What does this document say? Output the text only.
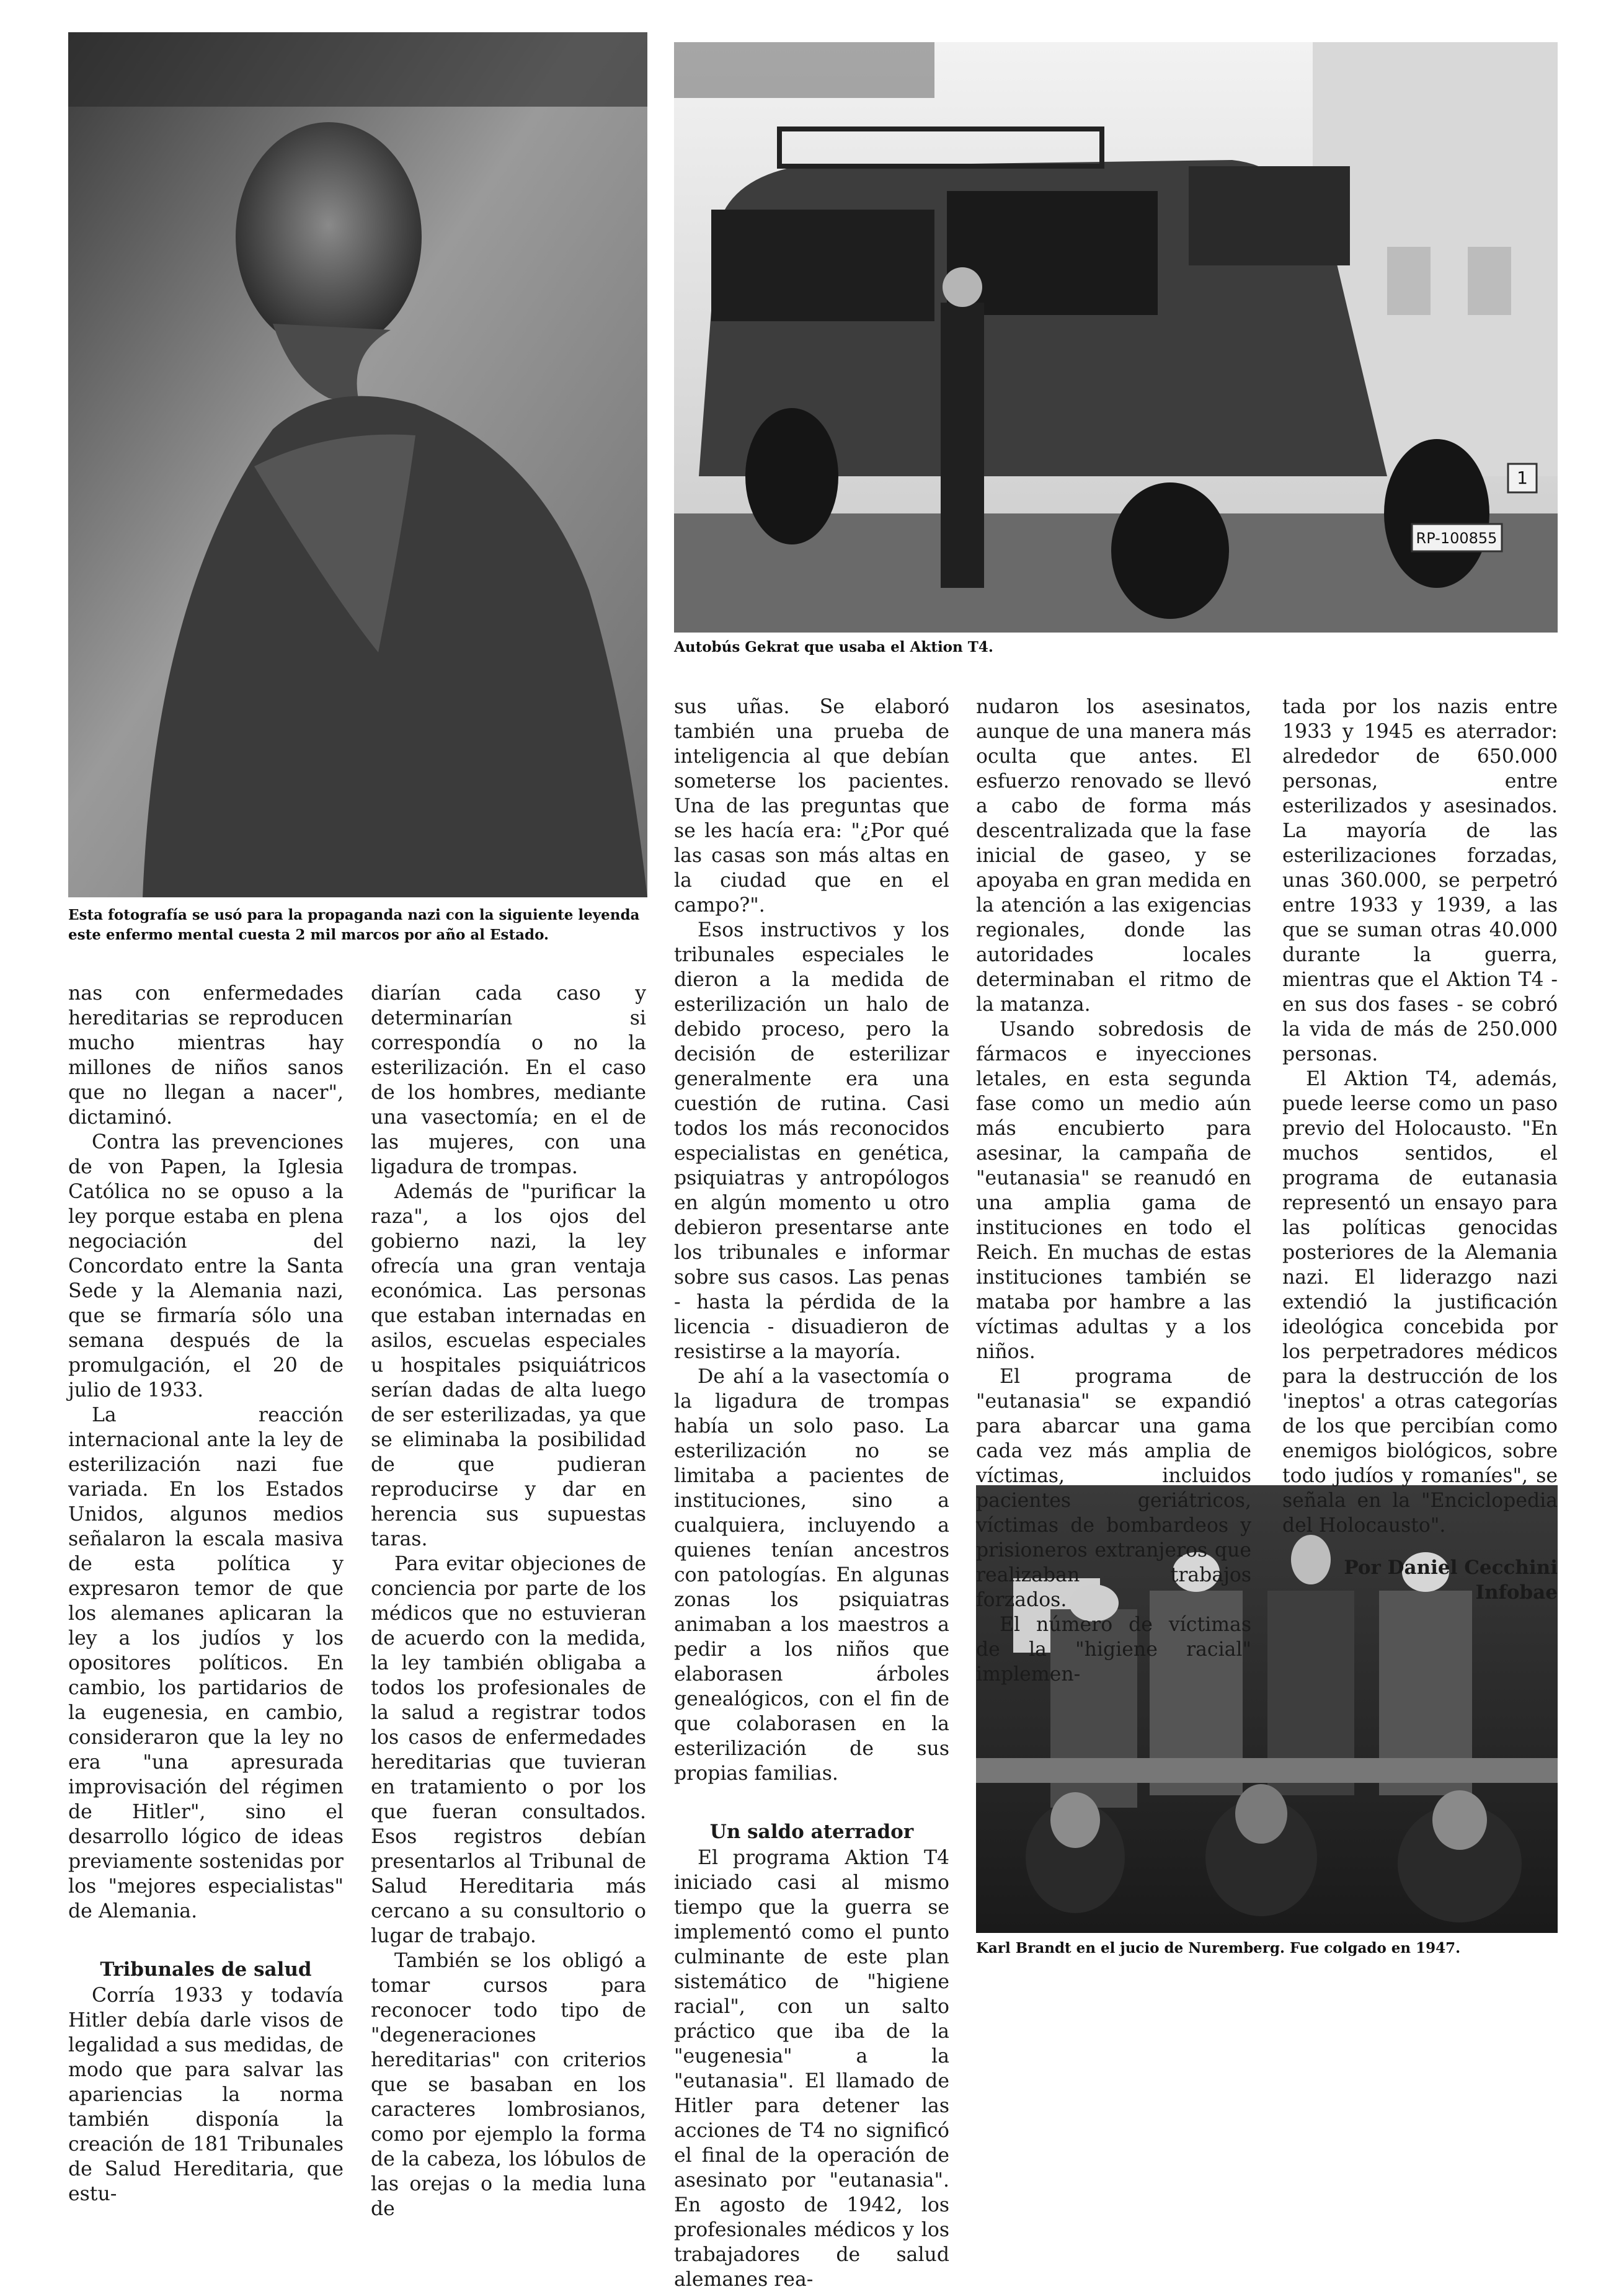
Esta fotografía se usó para la propaganda nazi con la siguiente leyenda este enfermo mental cuesta 2 mil marcos por año al Estado.

RP-100855
1

Autobús Gekrat que usaba el Aktion T4.

Karl Brandt en el jucio de Nuremberg. Fue colgado en 1947.

nas con enfermedades hereditarias se reproducen mucho mientras hay millones de niños sanos que no llegan a nacer", dictaminó.

Contra las prevenciones de von Papen, la Iglesia Católica no se opuso a la ley porque estaba en plena negociación del Concordato entre la Santa Sede y la Alemania nazi, que se firmaría sólo una semana después de la promulgación, el 20 de julio de 1933.

La reacción internacional ante la ley de esterilización nazi fue variada. En los Estados Unidos, algunos medios señalaron la escala masiva de esta política y expresaron temor de que los alemanes aplicaran la ley a los judíos y los opositores políticos. En cambio, los partidarios de la eugenesia, en cambio, consideraron que la ley no era "una apresurada improvisación del régimen de Hitler", sino el desarrollo lógico de ideas previamente sostenidas por los "mejores especialistas" de Alemania.

Tribunales de salud

Corría 1933 y todavía Hitler debía darle visos de legalidad a sus medidas, de modo que para salvar las apariencias la norma también disponía la creación de 181 Tribunales de Salud Hereditaria, que estu-

diarían cada caso y determinarían si correspondía o no la esterilización. En el caso de los hombres, mediante una vasectomía; en el de las mujeres, con una ligadura de trompas.

Además de "purificar la raza", a los ojos del gobierno nazi, la ley ofrecía una gran ventaja económica. Las personas que estaban internadas en asilos, escuelas especiales u hospitales psiquiátricos serían dadas de alta luego de ser esterilizadas, ya que se eliminaba la posibilidad de que pudieran reproducirse y dar en herencia sus supuestas taras.

Para evitar objeciones de conciencia por parte de los médicos que no estuvieran de acuerdo con la medida, la ley también obligaba a todos los profesionales de la salud a registrar todos los casos de enfermedades hereditarias que tuvieran en tratamiento o por los que fueran consultados. Esos registros debían presentarlos al Tribunal de Salud Hereditaria más cercano a su consultorio o lugar de trabajo.

También se los obligó a tomar cursos para reconocer todo tipo de "degeneraciones hereditarias" con criterios que se basaban en los caracteres lombrosianos, como por ejemplo la forma de la cabeza, los lóbulos de las orejas o la media luna de

sus uñas. Se elaboró también una prueba de inteligencia al que debían someterse los pacientes. Una de las preguntas que se les hacía era: "¿Por qué las casas son más altas en la ciudad que en el campo?".

Esos instructivos y los tribunales especiales le dieron a la medida de esterilización un halo de debido proceso, pero la decisión de esterilizar generalmente era una cuestión de rutina. Casi todos los más reconocidos especialistas en genética, psiquiatras y antropólogos en algún momento u otro debieron presentarse ante los tribunales e informar sobre sus casos. Las penas - hasta la pérdida de la licencia - disuadieron de resistirse a la mayoría.

De ahí a la vasectomía o la ligadura de trompas había un solo paso. La esterilización no se limitaba a pacientes de instituciones, sino a cualquiera, incluyendo a quienes tenían ancestros con patologías. En algunas zonas los psiquiatras animaban a los maestros a pedir a los niños que elaborasen árboles genealógicos, con el fin de que colaborasen en la esterilización de sus propias familias.

Un saldo aterrador

El programa Aktion T4 iniciado casi al mismo tiempo que la guerra se implementó como el punto culminante de este plan sistemático de "higiene racial", con un salto práctico que iba de la "eugenesia" a la "eutanasia". El llamado de Hitler para detener las acciones de T4 no significó el final de la operación de asesinato por "eutanasia". En agosto de 1942, los profesionales médicos y los trabajadores de salud alemanes rea-

nudaron los asesinatos, aunque de una manera más oculta que antes. El esfuerzo renovado se llevó a cabo de forma más descentralizada que la fase inicial de gaseo, y se apoyaba en gran medida en la atención a las exigencias regionales, donde las autoridades locales determinaban el ritmo de la matanza.

Usando sobredosis de fármacos e inyecciones letales, en esta segunda fase como un medio aún más encubierto para asesinar, la campaña de "eutanasia" se reanudó en una amplia gama de instituciones en todo el Reich. En muchas de estas instituciones también se mataba por hambre a las víctimas adultas y a los niños.

El programa de "eutanasia" se expandió para abarcar una gama cada vez más amplia de víctimas, incluidos pacientes geriátricos, víctimas de bombardeos y prisioneros extranjeros que realizaban trabajos forzados.

El número de víctimas de la "higiene racial" implemen-

tada por los nazis entre 1933 y 1945 es aterrador: alrededor de 650.000 personas, entre esterilizados y asesinados. La mayoría de las esterilizaciones forzadas, unas 360.000, se perpetró entre 1933 y 1939, a las que se suman otras 40.000 durante la guerra, mientras que el Aktion T4 - en sus dos fases - se cobró la vida de más de 250.000 personas.

El Aktion T4, además, puede leerse como un paso previo del Holocausto. "En muchos sentidos, el programa de eutanasia representó un ensayo para las políticas genocidas posteriores de la Alemania nazi. El liderazgo nazi extendió la justificación ideológica concebida por los perpetradores médicos para la destrucción de los 'ineptos' a otras categorías de los que percibían como enemigos biológicos, sobre todo judíos y romaníes", se señala en la "Enciclopedia del Holocausto".

Por Daniel Cecchini

Infobae
